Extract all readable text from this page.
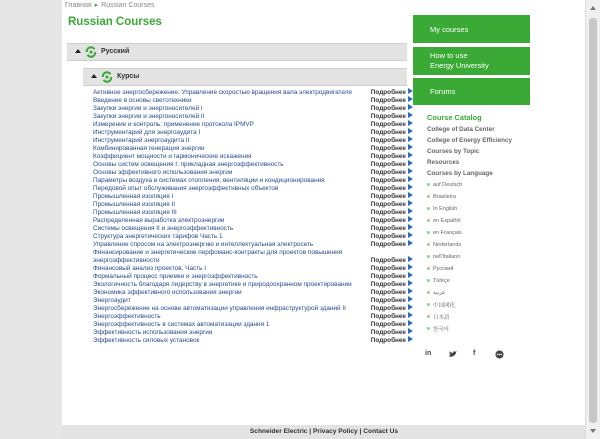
Главная ▸ Russian Courses
Russian Courses
Русский
Курсы
Активное энергосбережение: Управление скоростью вращения вала электродвигателя	Подробнее
Введение в основы светотехники	Подробнее
Закупки энергии и энергоносителей I	Подробнее
Закупки энергии и энергоносителей II	Подробнее
Измерение и контроль: применение протокола IPMVP	Подробнее
Инструментарий для энергоаудита I	Подробнее
Инструментарий энергоаудита II	Подробнее
Комбинированная генерация энергии	Подробнее
Коэффициент мощности и гармонические искажения	Подробнее
Основы систем освещения I: прикладная энергоэффективность	Подробнее
Основы эффективного использования энергии	Подробнее
Параметры воздуха в системах отопления, вентиляции и кондиционирования	Подробнее
Передовой опыт обслуживания энергоэффективных объектов	Подробнее
Промышленная изоляция I	Подробнее
Промышленная изоляция II	Подробнее
Промышленная изоляция III	Подробнее
Распределенная выработка электроэнергии	Подробнее
Системы освещения II и энергоэффективность	Подробнее
Структура энергетических тарифов Часть 1	Подробнее
Управление спросом на электроэнергию и интеллектуальная электросеть	Подробнее
Финансирование и энергетические перфоманс-контракты для проектов повышения энергоэффективности	Подробнее
Финансовый анализ проектов, Часть I	Подробнее
Формальный процесс приемки и энергоэффективность	Подробнее
Экологичность благодаря лидерству в энергетике и природоохранном проектировании	Подробнее
Экономика эффективного использования энергии	Подробнее
Энергоаудит	Подробнее
Энергосбережение на основе автоматизации управления инфраструктурой зданий II	Подробнее
Энергоэффективность	Подробнее
Энергоэффективность в системах автоматизации здания 1	Подробнее
Эффективность использования энергии	Подробнее
Эффективность силовых установок	Подробнее
My courses
How to use
Energy University
Forums
Course Catalog
College of Data Center
College of Energy Efficiency
Courses by Topic
Resources
Courses by Language
auf Deutsch
Brasileira
In English
en Español
en Français
Nederlands
nell'Italiano
Русский
Türkçe
عربية
中国网化
日本語
한국어
in	f
Schneider Electric | Privacy Policy | Contact Us
